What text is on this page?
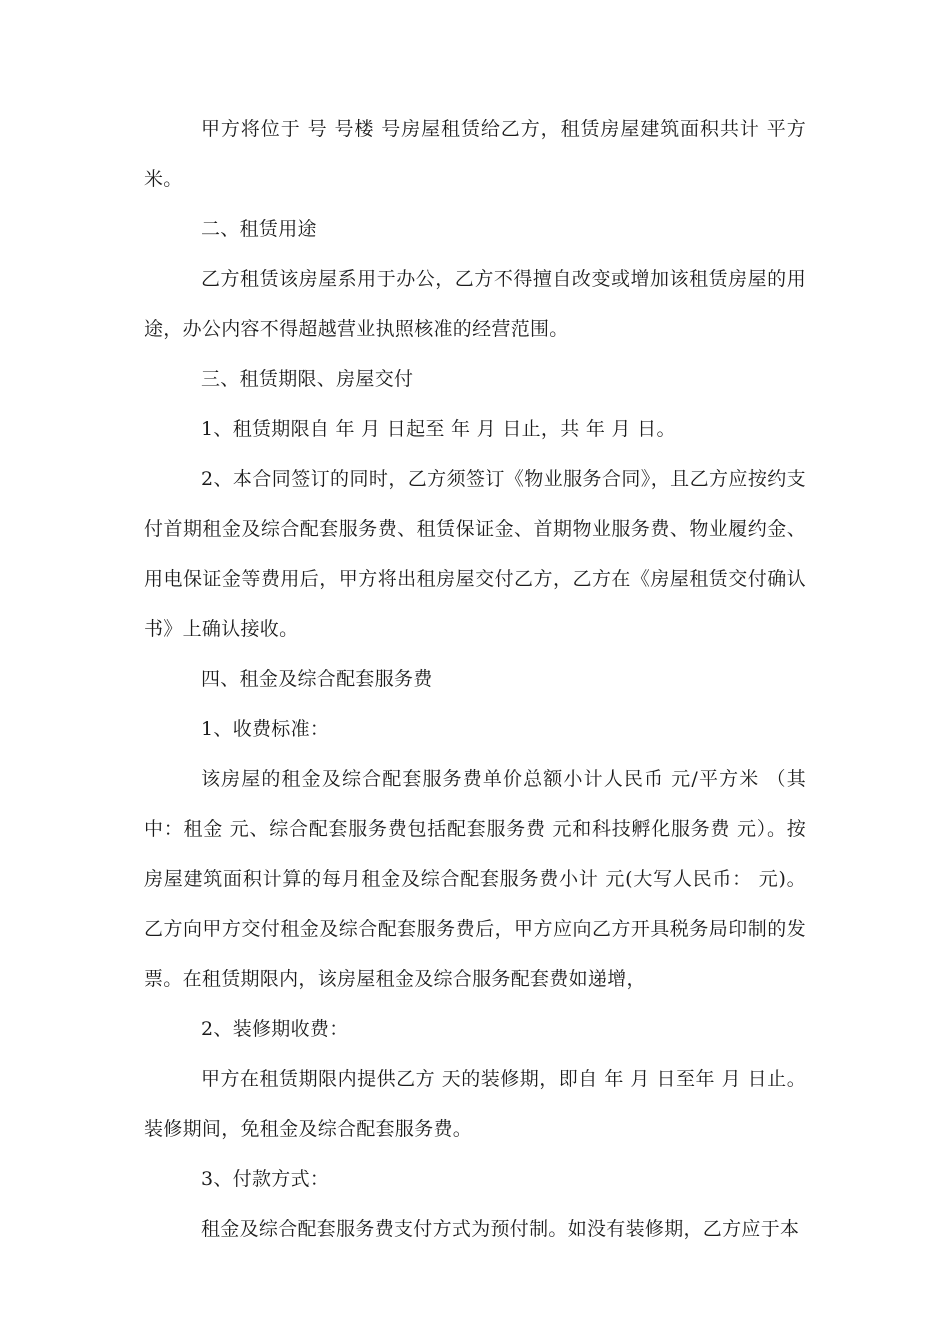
甲方将位于 号 号楼 号房屋租赁给乙方，租赁房屋建筑面积共计 平方米。

二、租赁用途

乙方租赁该房屋系用于办公，乙方不得擅自改变或增加该租赁房屋的用途，办公内容不得超越营业执照核准的经营范围。

三、租赁期限、房屋交付

1、租赁期限自 年 月 日起至 年 月 日止，共 年 月 日。

2、本合同签订的同时，乙方须签订《物业服务合同》，且乙方应按约支付首期租金及综合配套服务费、租赁保证金、首期物业服务费、物业履约金、用电保证金等费用后，甲方将出租房屋交付乙方，乙方在《房屋租赁交付确认书》上确认接收。

四、租金及综合配套服务费

1、收费标准：

该房屋的租金及综合配套服务费单价总额小计人民币 元/平方米 （其中：租金 元、综合配套服务费包括配套服务费 元和科技孵化服务费 元）。按房屋建筑面积计算的每月租金及综合配套服务费小计 元(大写人民币： 元)。乙方向甲方交付租金及综合配套服务费后，甲方应向乙方开具税务局印制的发票。在租赁期限内，该房屋租金及综合服务配套费如递增，

2、装修期收费：

甲方在租赁期限内提供乙方 天的装修期，即自 年 月 日至年 月 日止。装修期间，免租金及综合配套服务费。

3、付款方式：

租金及综合配套服务费支付方式为预付制。如没有装修期，乙方应于本
